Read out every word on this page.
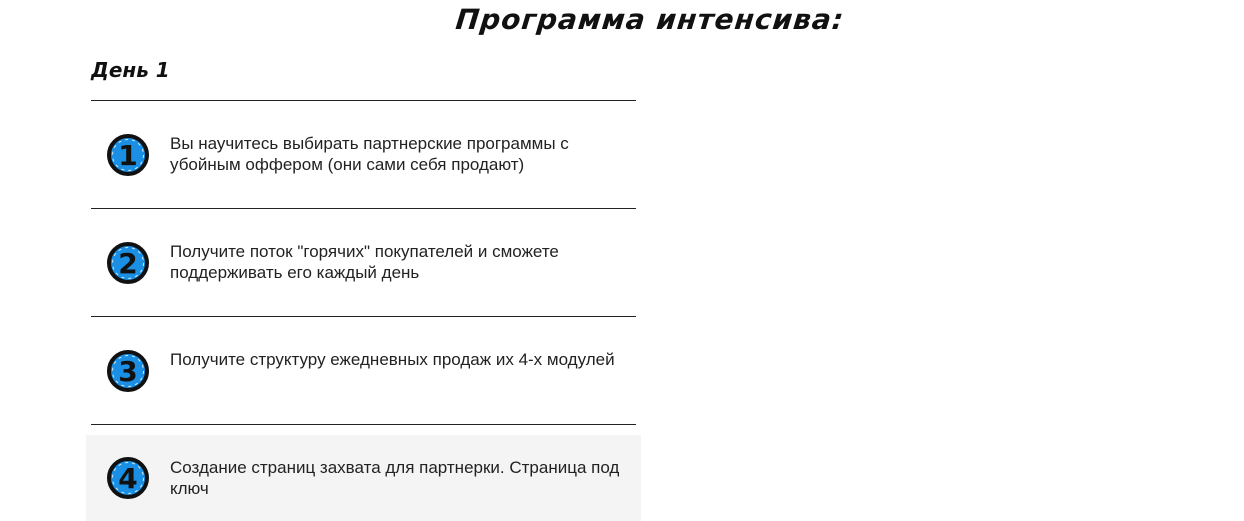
Программа интенсива:
День 1
1 Вы научитесь выбирать партнерские программы с убойным оффером (они сами себя продают)
2 Получите поток "горячих" покупателей и сможете поддерживать его каждый день
3 Получите структуру ежедневных продаж их 4-х модулей
4 Создание страниц захвата для партнерки. Страница под ключ
